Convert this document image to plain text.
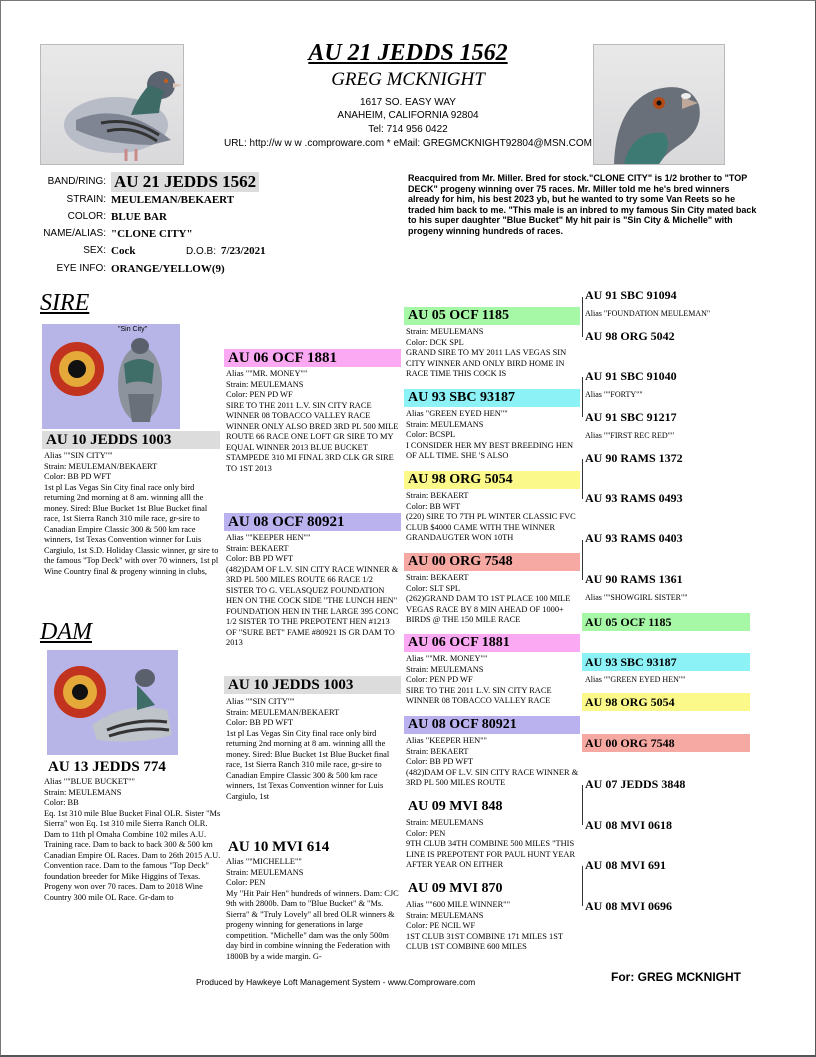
AU 21 JEDDS 1562
GREG MCKNIGHT
1617 SO. EASY WAY
ANAHEIM, CALIFORNIA 92804
Tel: 714 956 0422
URL: http://w w w .comproware.com * eMail: GREGMCKNIGHT92804@MSN.COM
BAND/RING: AU 21 JEDDS 1562
STRAIN: MEULEMAN/BEKAERT
COLOR: BLUE BAR
NAME/ALIAS: "CLONE CITY"
SEX: Cock	D.O.B: 7/23/2021
EYE INFO: ORANGE/YELLOW(9)
Reacquired from Mr. Miller. Bred for stock."CLONE CITY" is 1/2 brother to "TOP DECK" progeny winning over 75 races. Mr. Miller told me he's bred winners already for him, his best 2023 yb, but he wanted to try some Van Reets so he traded him back to me. "This male is an inbred to my famous Sin City mated back to his super daughter "Blue Bucket" My hit pair is "Sin City & Michelle" with progeny winning hundreds of races.
SIRE
DAM
"Sin City"
AU 10 JEDDS 1003
Alias ""SIN CITY""
Strain: MEULEMAN/BEKAERT
Color: BB PD WFT
1st pl Las Vegas Sin City final race only bird returning 2nd morning at 8 am. winning alll the money. Sired: Blue Bucket 1st Blue Bucket final race, 1st Sierra Ranch 310 mile race, gr-sire to Canadian Empire Classic 300 & 500 km race winners, 1st Texas Convention winner for Luis Cargiulo, 1st S.D. Holiday Classic winner, gr sire to the famous "Top Deck" with over 70 winners, 1st pl Wine Country final & progeny winning in clubs,
AU 13 JEDDS 774
Alias ""BLUE BUCKET""
Strain: MEULEMANS
Color: BB
Eq. 1st 310 mile Blue Bucket Final OLR. Sister "Ms Sierra" won Eq. 1st 310 mile Sierra Ranch OLR. Dam to 11th pl Omaha Combine 102 miles A.U. Training race. Dam to back to back 300 & 500 km Canadian Empire OL Races. Dam to 26th 2015 A.U. Convention race. Dam to the famous "Top Deck" foundation breeder for Mike Higgins of Texas. Progeny won over 70 races. Dam to 2018 Wine Country 300 mile OL Race. Gr-dam to
AU 06 OCF 1881
Alias ""MR. MONEY""
Strain: MEULEMANS
Color: PEN PD WF
SIRE TO THE 2011 L.V. SIN CITY RACE WINNER 08 TOBACCO VALLEY RACE WINNER ONLY ALSO BRED 3RD PL 500 MILE ROUTE 66 RACE ONE LOFT GR SIRE TO MY EQUAL WINNER 2013 BLUE BUCKET STAMPEDE 310 MI FINAL 3RD CLK GR SIRE TO 1ST 2013
AU 08 OCF 80921
Alias ""KEEPER HEN""
Strain: BEKAERT
Color: BB PD WFT
(482)DAM OF L.V. SIN CITY RACE WINNER & 3RD PL 500 MILES ROUTE 66 RACE 1/2 SISTER TO G. VELASQUEZ FOUNDATION HEN ON THE COCK SIDE "THE LUNCH HEN" FOUNDATION HEN IN THE LARGE 395 CONC 1/2 SISTER TO THE PREPOTENT HEN #1213 OF "SURE BET" FAME #80921 IS GR DAM TO 2013
AU 10 JEDDS 1003
Alias ""SIN CITY""
Strain: MEULEMAN/BEKAERT
Color: BB PD WFT
1st pl Las Vegas Sin City final race only bird returning 2nd morning at 8 am. winning alll the money. Sired: Blue Bucket 1st Blue Bucket final race, 1st Sierra Ranch 310 mile race, gr-sire to Canadian Empire Classic 300 & 500 km race winners, 1st Texas Convention winner for Luis Cargiulo, 1st
AU 10 MVI 614
Alias ""MICHELLE""
Strain: MEULEMANS
Color: PEN
My "Hit Pair Hen" hundreds of winners. Dam: CJC 9th with 2800b. Dam to "Blue Bucket" & "Ms. Sierra" & "Truly Lovely" all bred OLR winners & progeny winning for generations in large competition. "Michelle" dam was the only 500m day bird in combine winning the Federation with 1800B by a wide margin. G-
AU 05 OCF 1185
Strain: MEULEMANS
Color: DCK SPL
GRAND SIRE TO MY 2011 LAS VEGAS SIN CITY WINNER AND ONLY BIRD HOME IN RACE TIME THIS COCK IS
AU 93 SBC 93187
Alias "GREEN EYED HEN""
Strain: MEULEMANS
Color: BCSPL
I CONSIDER HER MY BEST BREEDING HEN OF ALL TIME. SHE 'S ALSO
AU 98 ORG 5054
Strain: BEKAERT
Color: BB WFT
(220) SIRE TO 7TH PL WINTER CLASSIC FVC CLUB $4000 CAME WITH THE WINNER GRANDAUGTER WON 10TH
AU 00 ORG 7548
Strain: BEKAERT
Color: SLT SPL
(262)GRAND DAM TO 1ST PLACE 100 MILE VEGAS RACE BY 8 MIN AHEAD OF 1000+ BIRDS @ THE 150 MILE RACE
AU 06 OCF 1881
Alias ""MR. MONEY""
Strain: MEULEMANS
Color: PEN PD WF
SIRE TO THE 2011 L.V. SIN CITY RACE WINNER 08 TOBACCO VALLEY RACE
AU 08 OCF 80921
Alias "KEEPER HEN""
Strain: BEKAERT
Color: BB PD WFT
(482)DAM OF L.V. SIN CITY RACE WINNER & 3RD PL 500 MILES ROUTE
AU 09 MVI 848
Strain: MEULEMANS
Color: PEN
9TH CLUB 34TH COMBINE 500 MILES "THIS LINE IS PREPOTENT FOR PAUL HUNT YEAR AFTER YEAR ON EITHER
AU 09 MVI 870
Alias ""600 MILE WINNER""
Strain: MEULEMANS
Color: PE NCIL WF
1ST CLUB 31ST COMBINE 171 MILES 1ST CLUB 1ST COMBINE 600 MILES
AU 91 SBC 91094
Alias "FOUNDATION MEULEMAN"
AU 98 ORG 5042
AU 91 SBC 91040
Alias ""FORTY""
AU 91 SBC 91217
Alias ""FIRST REC RED""
AU 90 RAMS 1372
AU 93 RAMS 0493
AU 93 RAMS 0403
AU 90 RAMS 1361
Alias ""SHOWGIRL SISTER""
AU 05 OCF 1185
AU 93 SBC 93187
Alias ""GREEN EYED HEN""
AU 98 ORG 5054
AU 00 ORG 7548
AU 07 JEDDS 3848
AU 08 MVI 0618
AU 08 MVI 691
AU 08 MVI 0696
Produced by Hawkeye Loft Management System - www.Comproware.com	For: GREG MCKNIGHT
